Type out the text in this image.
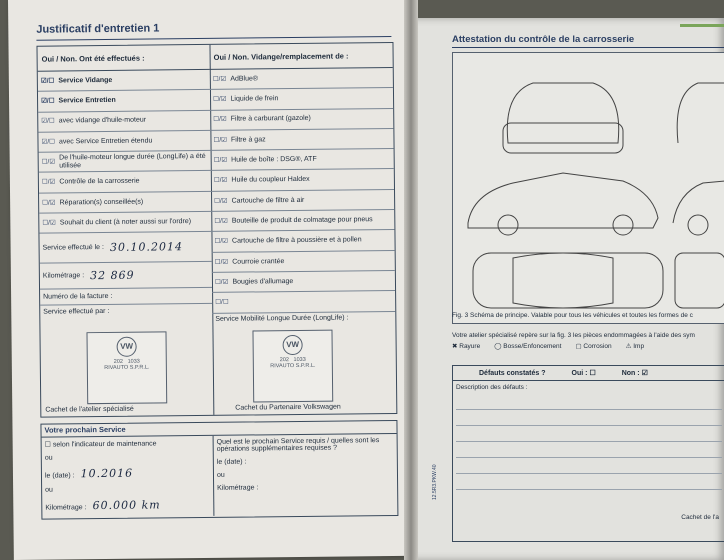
Justificatif d'entretien 1
Oui / Non. Ont été effectués :
☑/☐ Service Vidange
☑/☐ Service Entretien
☑/☐ avec vidange d'huile-moteur
☑/☐ avec Service Entretien étendu
☐/☑
De l'huile-moteur longue durée (LongLife) a été utilisée
☐/☑ Contrôle de la carrosserie
☐/☑ Réparation(s) conseillée(s)
☐/☑ Souhait du client (à noter aussi sur l'ordre)
Service effectué le : 30.10.2014
Kilométrage : 32 869
Numéro de la facture :
Service effectué par :
VW
202 1033
RIVAUTO S.P.R.L.
Cachet de l'atelier spécialisé
Oui / Non. Vidange/remplacement de :
☐/☑ AdBlue®
☐/☑ Liquide de frein
☐/☑ Filtre à carburant (gazole)
☐/☑ Filtre à gaz
☐/☑ Huile de boîte : DSG®, ATF
☐/☑ Huile du coupleur Haldex
☐/☑ Cartouche de filtre à air
☐/☑ Bouteille de produit de colmatage pour pneus
☐/☑ Cartouche de filtre à poussière et à pollen
☐/☑ Courroie crantée
☐/☑ Bougies d'allumage
☐/☐
Service Mobilité Longue Durée (LongLife) :
VW
202 1033
RIVAUTO S.P.R.L.
Cachet du Partenaire Volkswagen
Votre prochain Service
☐ selon l'indicateur de maintenance
ou
le (date) : 10.2016
ou
Kilométrage : 60.000 km
Quel est le prochain Service requis / quelles sont les opérations supplémentaires requises ?
le (date) :
ou
Kilométrage :
Attestation du contrôle de la carrosserie
Fig. 3 Schéma de principe. Valable pour tous les véhicules et toutes les formes de c
Votre atelier spécialisé repère sur la fig. 3 les pièces endommagées à l'aide des sym
✖ Rayure ◯ Bosse/Enfoncement ▢ Corrosion ⚠ Imp
Défauts constatés ?	Oui : ☐	Non : ☑
Description des défauts :
Cachet de l'a
12.5R3.PKW.40
